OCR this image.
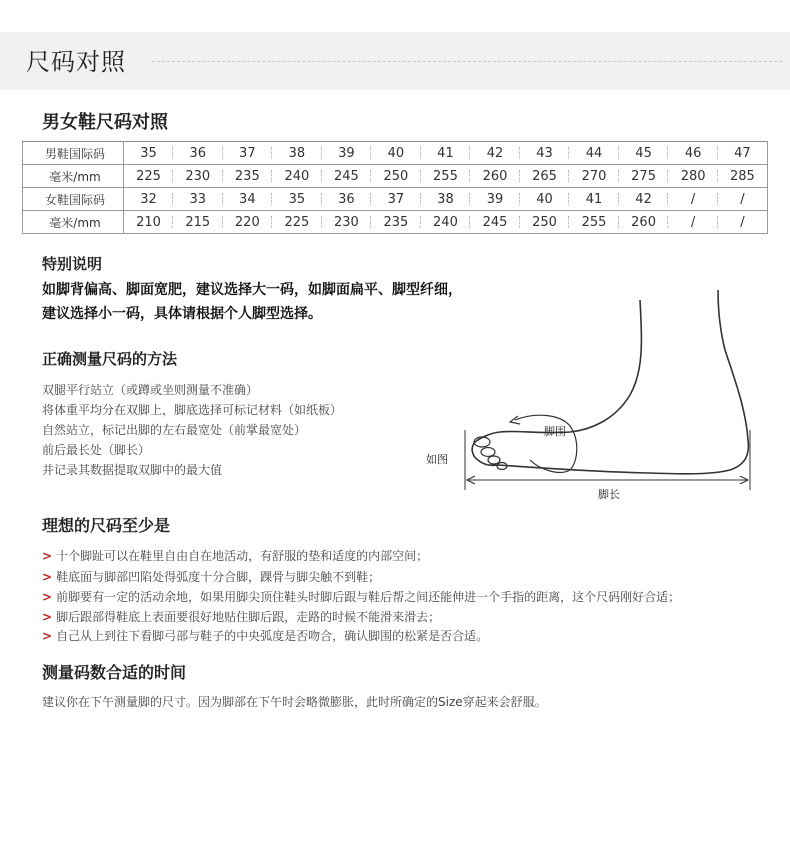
尺码对照
男女鞋尺码对照
男鞋国际码	35	36	37	38	39	40	41	42	43	44	45	46	47
毫米/mm	225	230	235	240	245	250	255	260	265	270	275	280	285
女鞋国际码	32	33	34	35	36	37	38	39	40	41	42	/	/
毫米/mm	210	215	220	225	230	235	240	245	250	255	260	/	/
特别说明
如脚背偏高、脚面宽肥，建议选择大一码，如脚面扁平、脚型纤细，
建议选择小一码，具体请根据个人脚型选择。
正确测量尺码的方法
双腿平行站立（或蹲或坐则测量不准确）
将体重平均分在双脚上，脚底选择可标记材料（如纸板）
自然站立，标记出脚的左右最宽处（前掌最宽处）
前后最长处（脚长）
并记录其数据提取双脚中的最大值
如图
脚围
脚长
理想的尺码至少是
> 十个脚趾可以在鞋里自由自在地活动，有舒服的垫和适度的内部空间；
> 鞋底面与脚部凹陷处得弧度十分合脚，踝骨与脚尖触不到鞋；
> 前脚要有一定的活动余地，如果用脚尖顶住鞋头时脚后跟与鞋后帮之间还能伸进一个手指的距离，这个尺码刚好合适；
> 脚后跟部得鞋底上表面要很好地贴住脚后跟，走路的时候不能滑来滑去；
> 自己从上到往下看脚弓部与鞋子的中央弧度是否吻合，确认脚围的松紧是否合适。
测量码数合适的时间
建议你在下午测量脚的尺寸。因为脚部在下午时会略微膨胀，此时所确定的Size穿起来会舒服。
